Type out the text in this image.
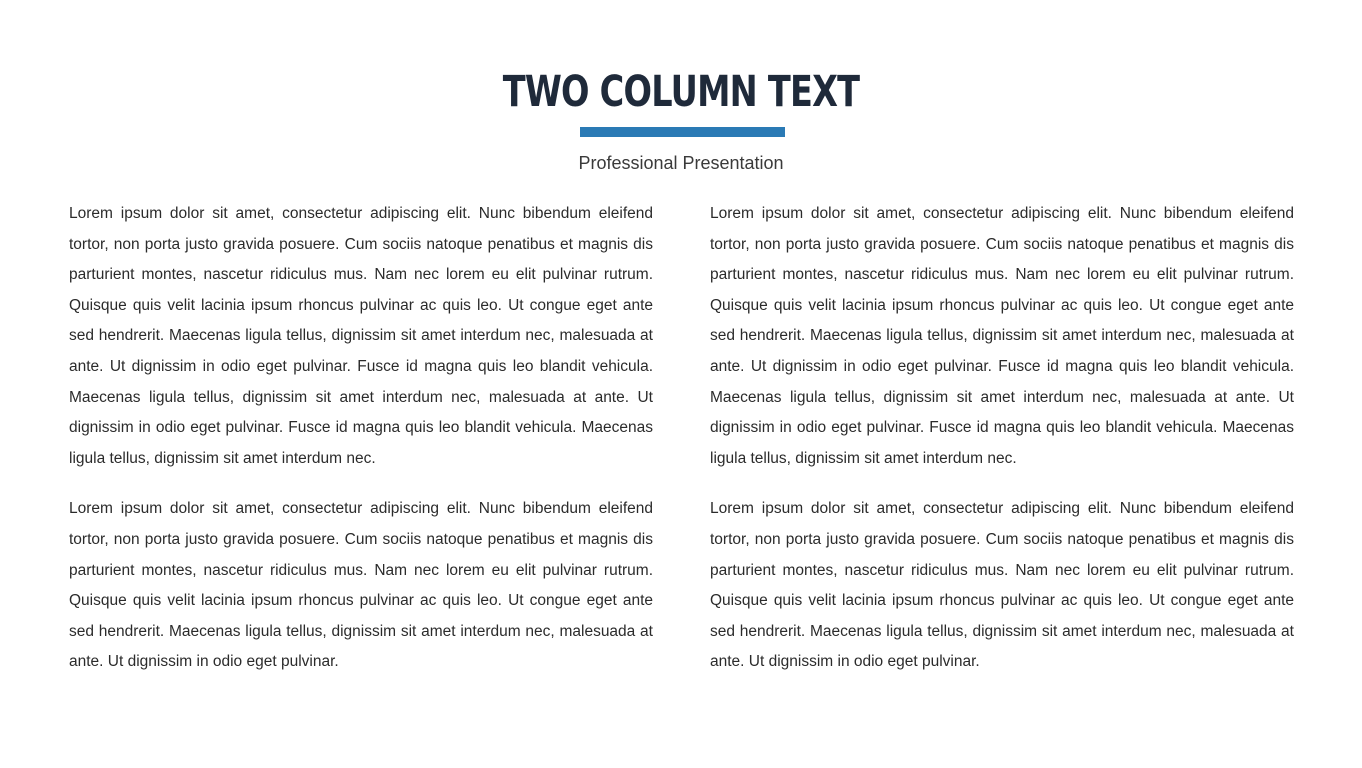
TWO COLUMN TEXT

Professional Presentation

Lorem ipsum dolor sit amet, consectetur adipiscing elit. Nunc bibendum eleifend tortor, non porta justo gravida posuere. Cum sociis natoque penatibus et magnis dis parturient montes, nascetur ridiculus mus. Nam nec lorem eu elit pulvinar rutrum. Quisque quis velit lacinia ipsum rhoncus pulvinar ac quis leo. Ut congue eget ante sed hendrerit. Maecenas ligula tellus, dignissim sit amet interdum nec, malesuada at ante. Ut dignissim in odio eget pulvinar. Fusce id magna quis leo blandit vehicula. Maecenas ligula tellus, dignissim sit amet interdum nec, malesuada at ante. Ut dignissim in odio eget pulvinar. Fusce id magna quis leo blandit vehicula. Maecenas ligula tellus, dignissim sit amet interdum nec.

Lorem ipsum dolor sit amet, consectetur adipiscing elit. Nunc bibendum eleifend tortor, non porta justo gravida posuere. Cum sociis natoque penatibus et magnis dis parturient montes, nascetur ridiculus mus. Nam nec lorem eu elit pulvinar rutrum. Quisque quis velit lacinia ipsum rhoncus pulvinar ac quis leo. Ut congue eget ante sed hendrerit. Maecenas ligula tellus, dignissim sit amet interdum nec, malesuada at ante. Ut dignissim in odio eget pulvinar.

Lorem ipsum dolor sit amet, consectetur adipiscing elit. Nunc bibendum eleifend tortor, non porta justo gravida posuere. Cum sociis natoque penatibus et magnis dis parturient montes, nascetur ridiculus mus. Nam nec lorem eu elit pulvinar rutrum. Quisque quis velit lacinia ipsum rhoncus pulvinar ac quis leo. Ut congue eget ante sed hendrerit. Maecenas ligula tellus, dignissim sit amet interdum nec, malesuada at ante. Ut dignissim in odio eget pulvinar. Fusce id magna quis leo blandit vehicula. Maecenas ligula tellus, dignissim sit amet interdum nec, malesuada at ante. Ut dignissim in odio eget pulvinar. Fusce id magna quis leo blandit vehicula. Maecenas ligula tellus, dignissim sit amet interdum nec.

Lorem ipsum dolor sit amet, consectetur adipiscing elit. Nunc bibendum eleifend tortor, non porta justo gravida posuere. Cum sociis natoque penatibus et magnis dis parturient montes, nascetur ridiculus mus. Nam nec lorem eu elit pulvinar rutrum. Quisque quis velit lacinia ipsum rhoncus pulvinar ac quis leo. Ut congue eget ante sed hendrerit. Maecenas ligula tellus, dignissim sit amet interdum nec, malesuada at ante. Ut dignissim in odio eget pulvinar.
